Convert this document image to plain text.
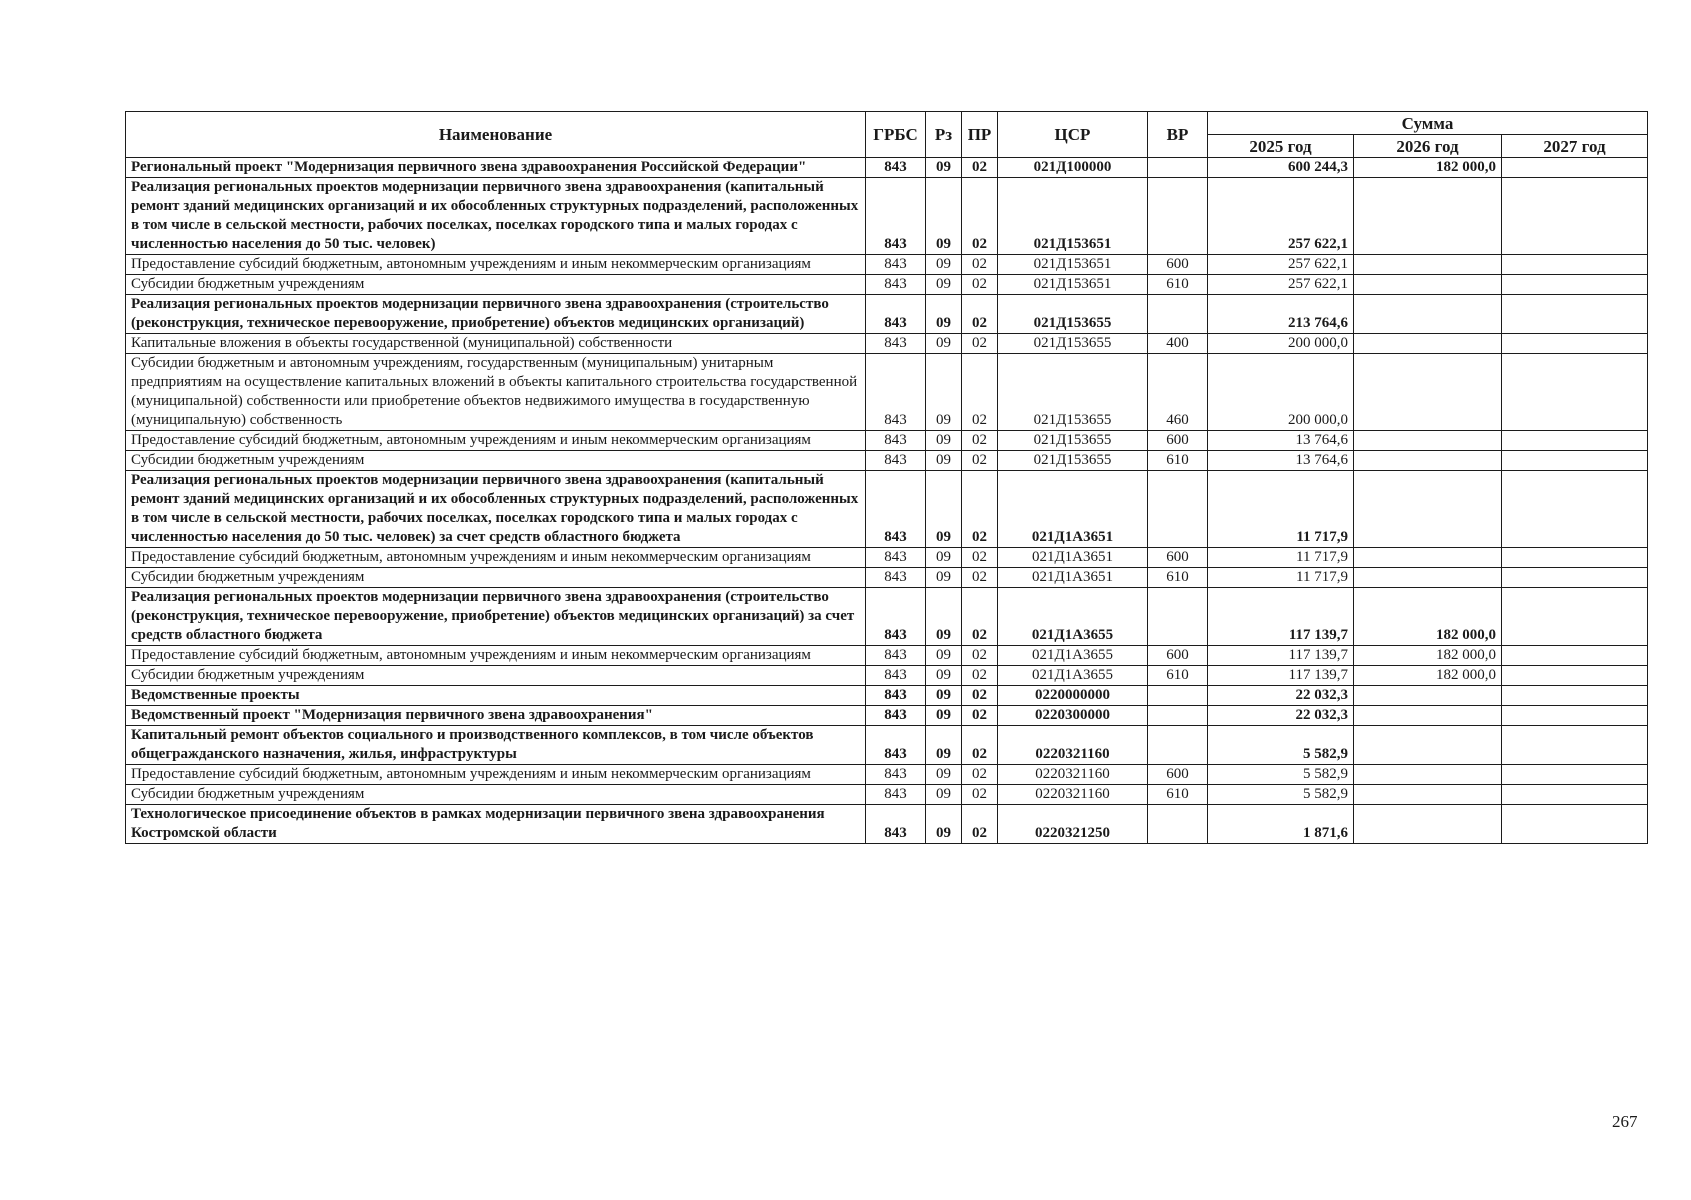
Наименование	ГРБС	Рз	ПР	ЦСР	ВР	Сумма		
						2025 год	2026 год	2027 год
Региональный проект "Модернизация первичного звена здравоохранения Российской Федерации"	843	09	02	021Д100000		600 244,3	182 000,0	
Реализация региональных проектов модернизации первичного звена здравоохранения (капитальный ремонт зданий медицинских организаций и их обособленных структурных подразделений, расположенных в том числе в сельской местности, рабочих поселках, поселках городского типа и малых городах с численностью населения до 50 тыс. человек)	843	09	02	021Д153651		257 622,1		
Предоставление субсидий бюджетным, автономным учреждениям и иным некоммерческим организациям	843	09	02	021Д153651	600	257 622,1		
Субсидии бюджетным учреждениям	843	09	02	021Д153651	610	257 622,1		
Реализация региональных проектов модернизации первичного звена здравоохранения (строительство (реконструкция, техническое перевооружение, приобретение) объектов медицинских организаций)	843	09	02	021Д153655		213 764,6		
Капитальные вложения в объекты государственной (муниципальной) собственности	843	09	02	021Д153655	400	200 000,0		
Субсидии бюджетным и автономным учреждениям, государственным (муниципальным) унитарным предприятиям на осуществление капитальных вложений в объекты капитального строительства государственной (муниципальной) собственности или приобретение объектов недвижимого имущества в государственную (муниципальную) собственность	843	09	02	021Д153655	460	200 000,0		
Предоставление субсидий бюджетным, автономным учреждениям и иным некоммерческим организациям	843	09	02	021Д153655	600	13 764,6		
Субсидии бюджетным учреждениям	843	09	02	021Д153655	610	13 764,6		
Реализация региональных проектов модернизации первичного звена здравоохранения (капитальный ремонт зданий медицинских организаций и их обособленных структурных подразделений, расположенных в том числе в сельской местности, рабочих поселках, поселках городского типа и малых городах с численностью населения до 50 тыс. человек) за счет средств областного бюджета	843	09	02	021Д1А3651		11 717,9		
Предоставление субсидий бюджетным, автономным учреждениям и иным некоммерческим организациям	843	09	02	021Д1А3651	600	11 717,9		
Субсидии бюджетным учреждениям	843	09	02	021Д1А3651	610	11 717,9		
Реализация региональных проектов модернизации первичного звена здравоохранения (строительство (реконструкция, техническое перевооружение, приобретение) объектов медицинских организаций) за счет средств областного бюджета	843	09	02	021Д1А3655		117 139,7	182 000,0	
Предоставление субсидий бюджетным, автономным учреждениям и иным некоммерческим организациям	843	09	02	021Д1А3655	600	117 139,7	182 000,0	
Субсидии бюджетным учреждениям	843	09	02	021Д1А3655	610	117 139,7	182 000,0	
Ведомственные проекты	843	09	02	0220000000		22 032,3		
Ведомственный проект "Модернизация первичного звена здравоохранения"	843	09	02	0220300000		22 032,3		
Капитальный ремонт объектов социального и производственного комплексов, в том числе объектов общегражданского назначения, жилья, инфраструктуры	843	09	02	0220321160		5 582,9		
Предоставление субсидий бюджетным, автономным учреждениям и иным некоммерческим организациям	843	09	02	0220321160	600	5 582,9		
Субсидии бюджетным учреждениям	843	09	02	0220321160	610	5 582,9		
Технологическое присоединение объектов в рамках модернизации первичного звена здравоохранения Костромской области	843	09	02	0220321250		1 871,6		
267
